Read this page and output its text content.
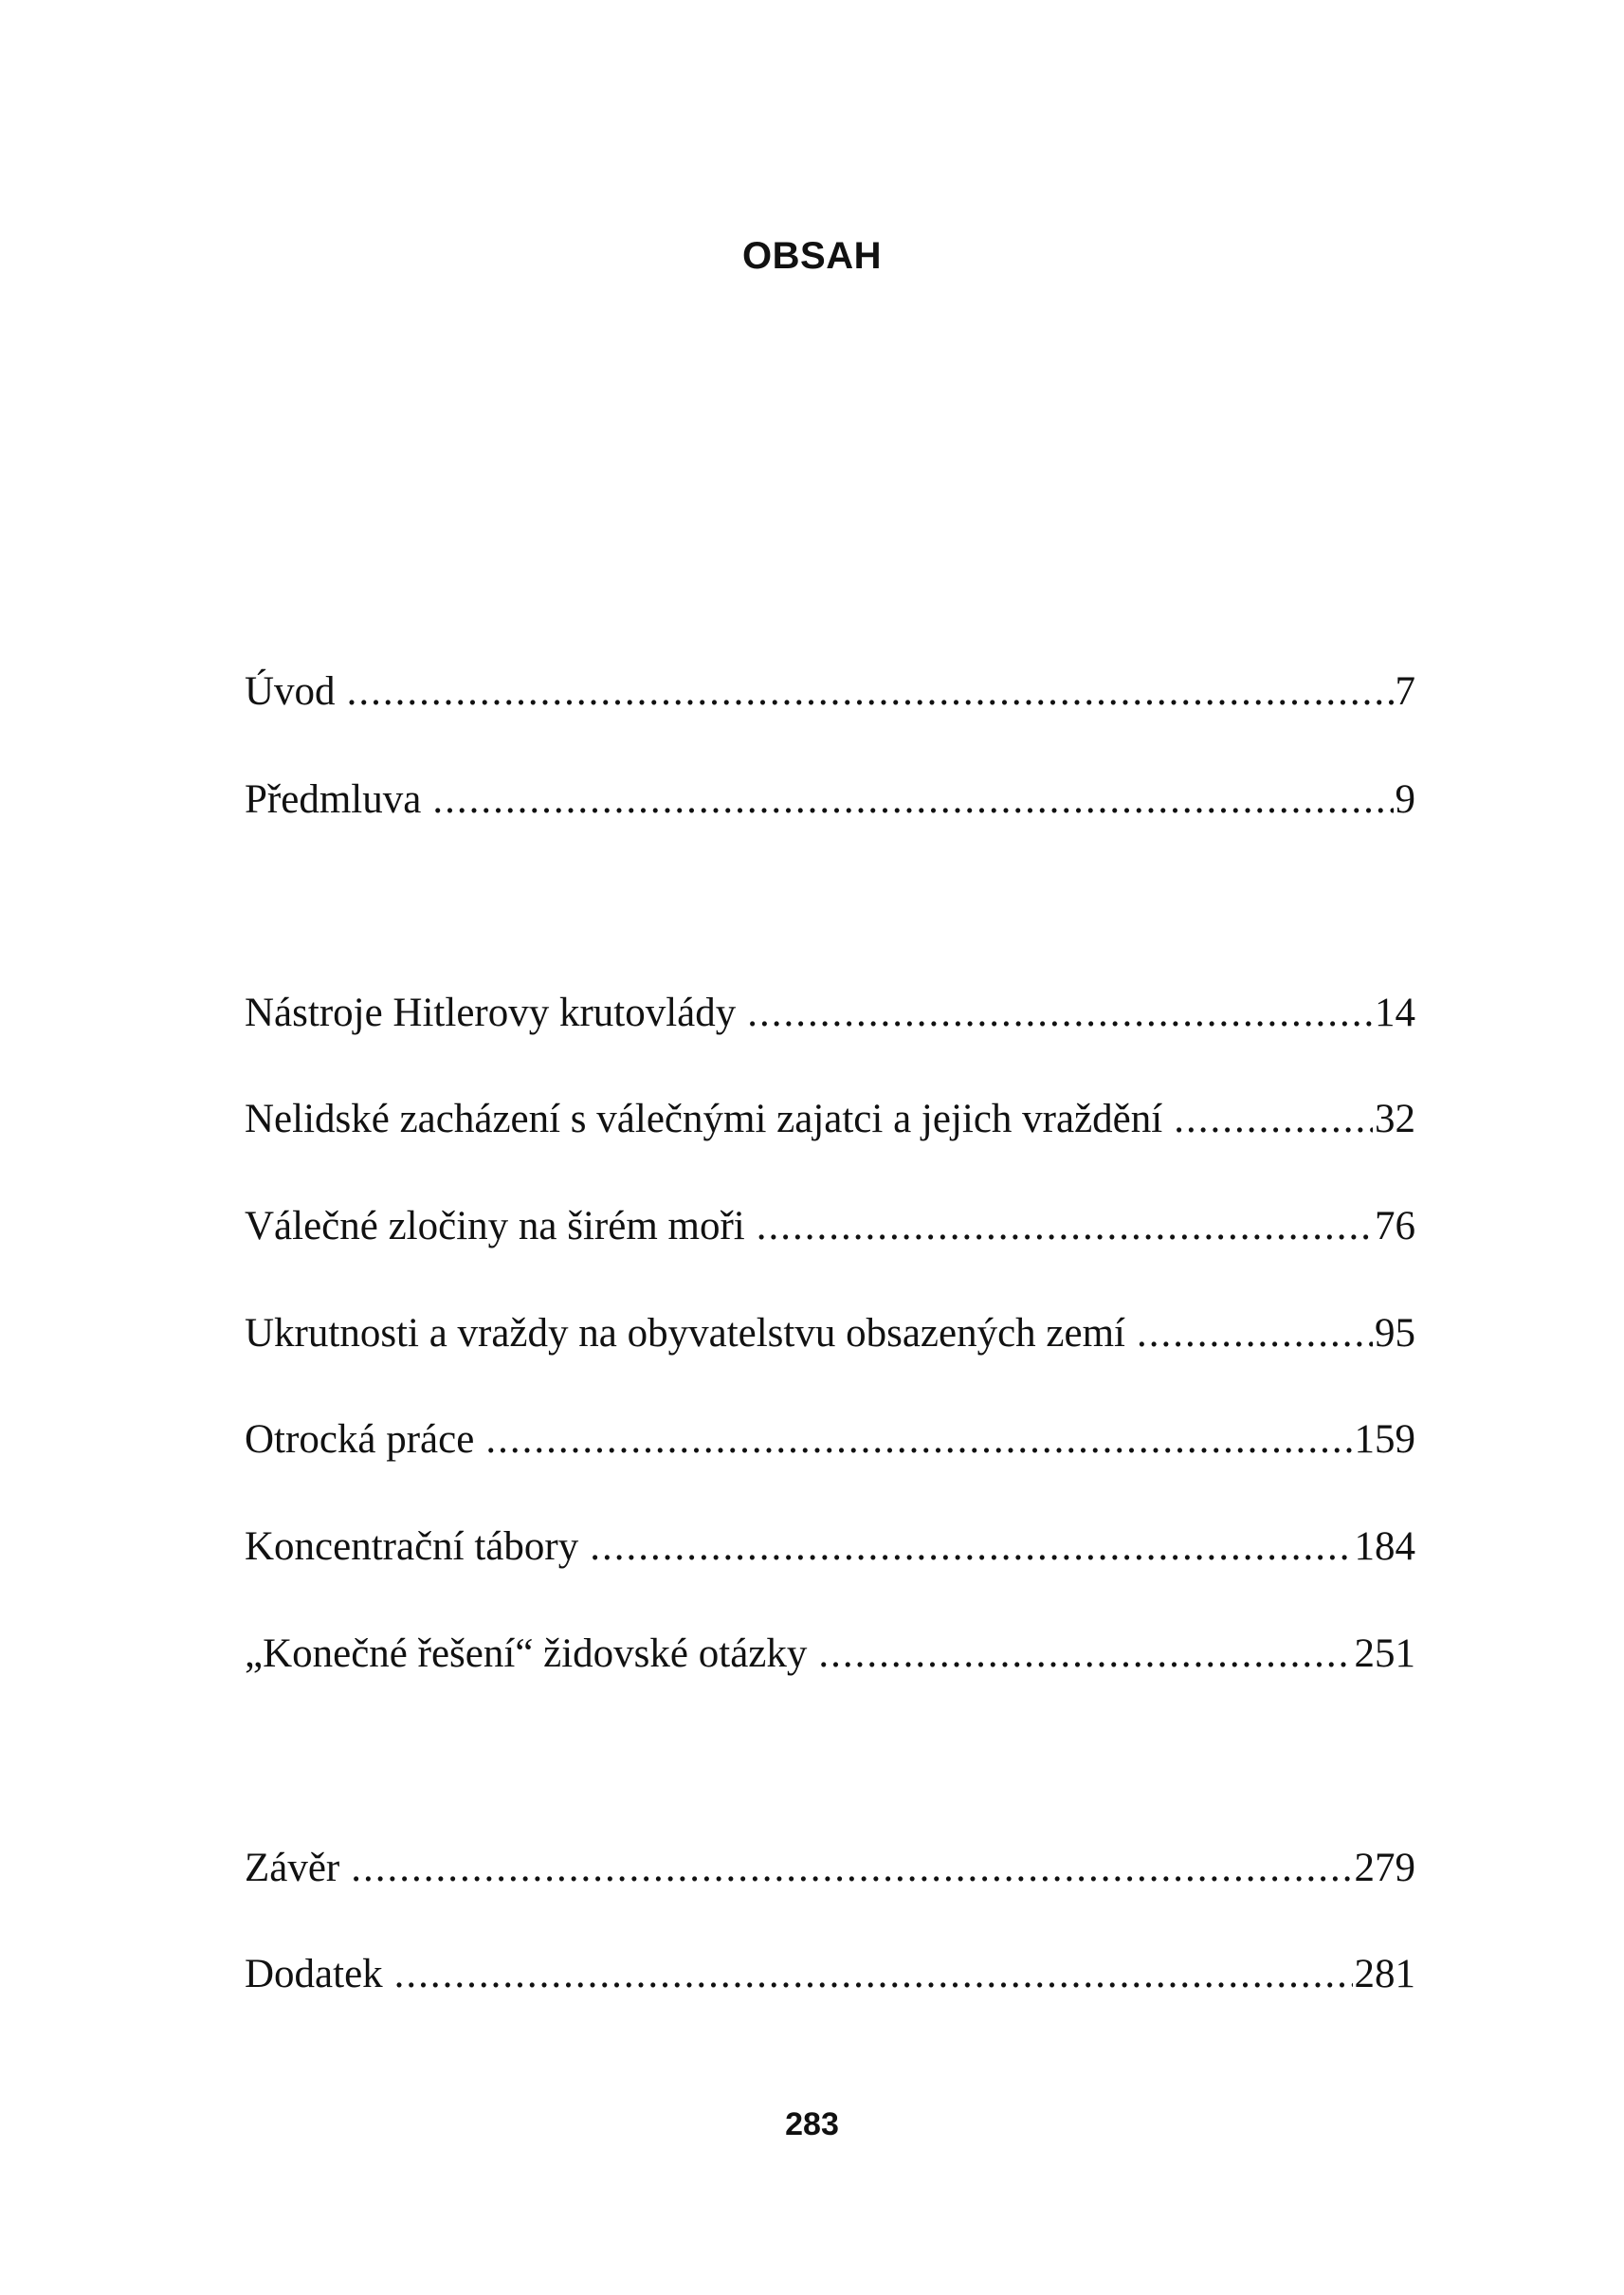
OBSAH
Úvod .....	7
Předmluva .....	9
Nástroje Hitlerovy krutovlády .....	14
Nelidské zacházení s válečnými zajatci a jejich vraždění .....	32
Válečné zločiny na širém moři .....	76
Ukrutnosti a vraždy na obyvatelstvu obsazených zemí .....	95
Otrocká práce .....	159
Koncentrační tábory .....	184
„Konečné řešení“ židovské otázky .....	251
Závěr .....	279
Dodatek .....	281
283
